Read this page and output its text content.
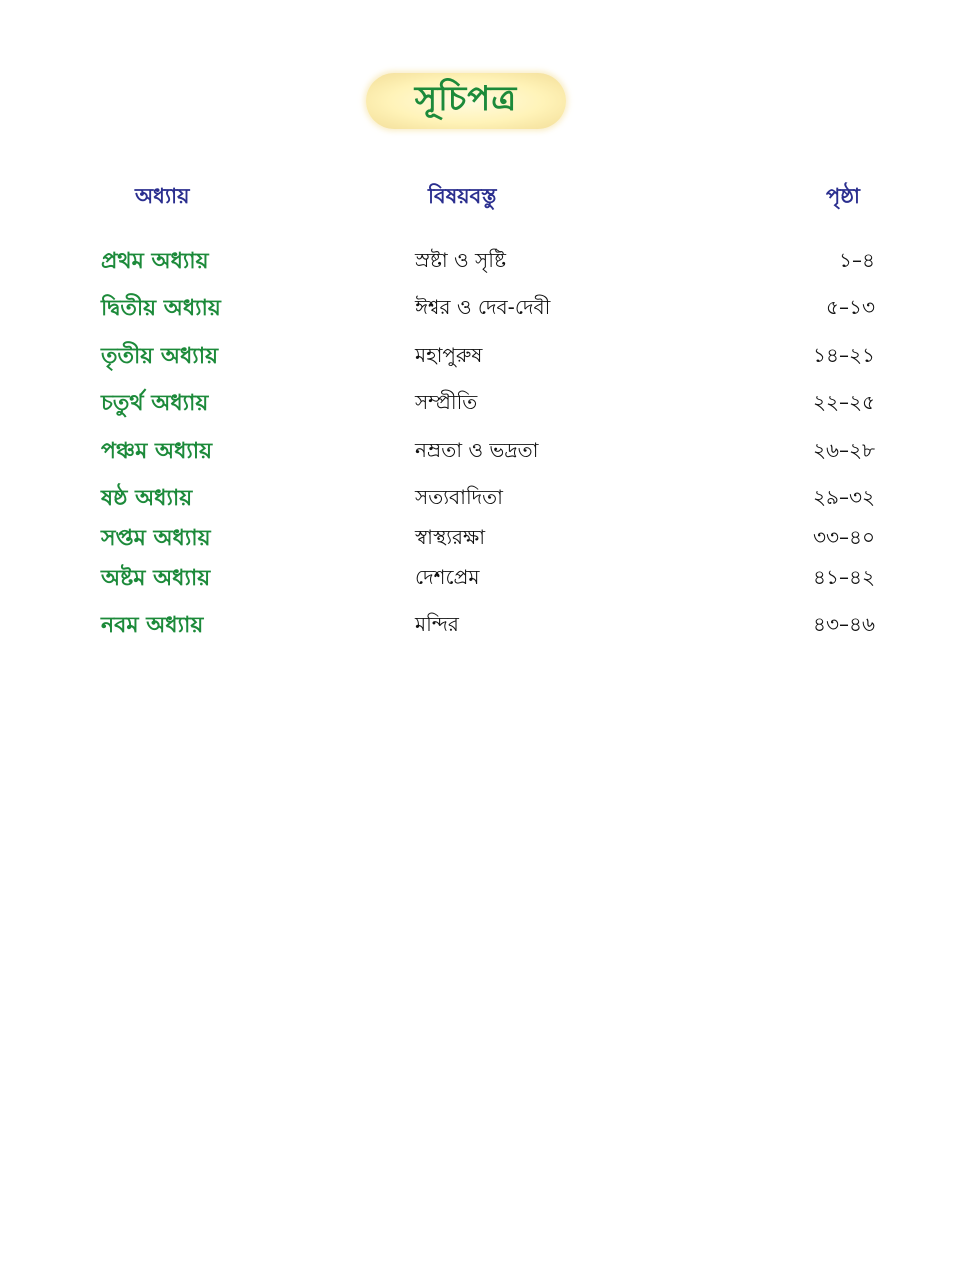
সূচিপত্র
অধ্যায়	বিষয়বস্তু	পৃষ্ঠা
প্রথম অধ্যায়	স্রষ্টা ও সৃষ্টি	১–৪
দ্বিতীয় অধ্যায়	ঈশ্বর ও দেব-দেবী	৫–১৩
তৃতীয় অধ্যায়	মহাপুরুষ	১৪–২১
চতুর্থ অধ্যায়	সম্প্রীতি	২২–২৫
পঞ্চম অধ্যায়	নম্রতা ও ভদ্রতা	২৬–২৮
ষষ্ঠ অধ্যায়	সত্যবাদিতা	২৯–৩২
সপ্তম অধ্যায়	স্বাস্থ্যরক্ষা	৩৩–৪০
অষ্টম অধ্যায়	দেশপ্রেম	৪১–৪২
নবম অধ্যায়	মন্দির	৪৩–৪৬
